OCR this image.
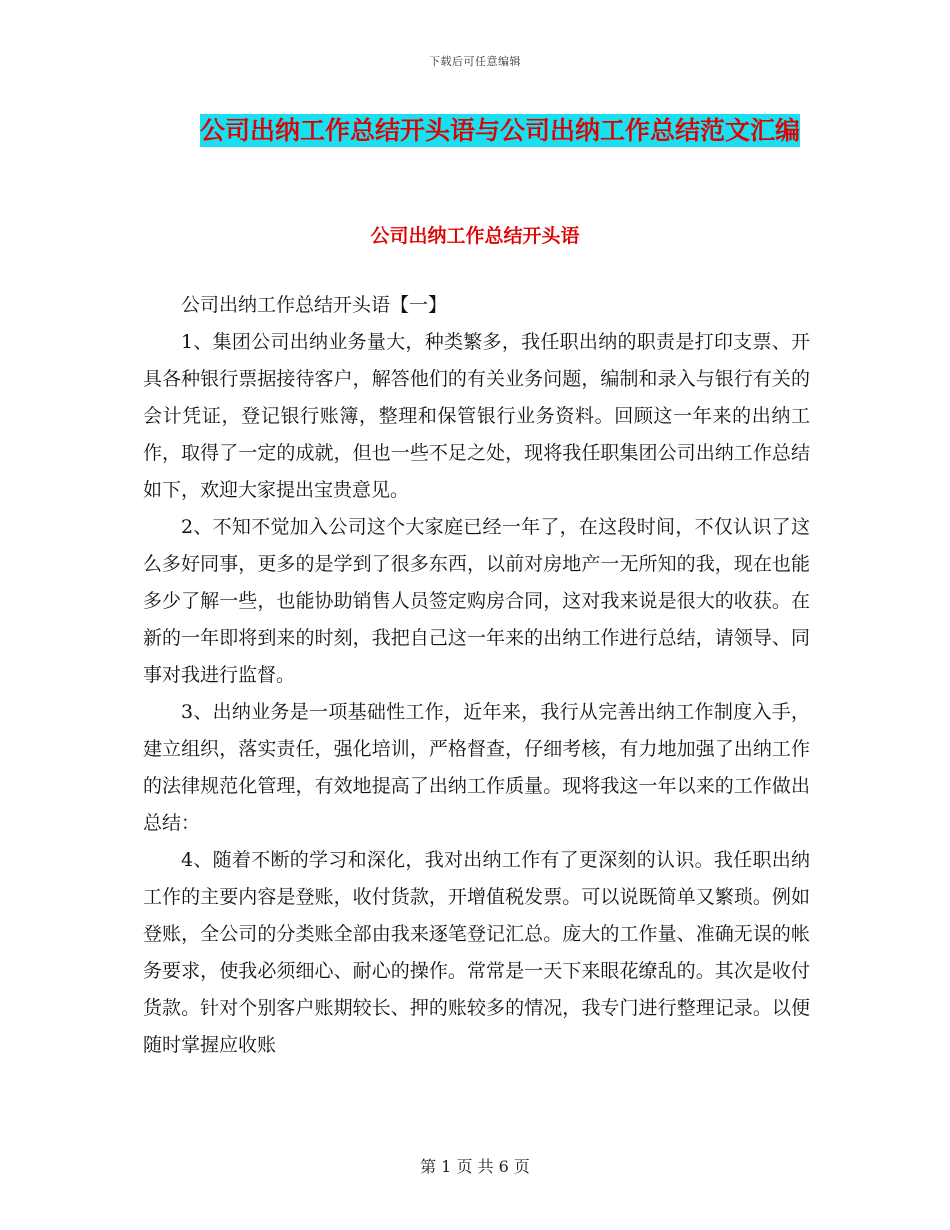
下载后可任意编辑
公司出纳工作总结开头语与公司出纳工作总结范文汇编
公司出纳工作总结开头语

公司出纳工作总结开头语【一】

1、集团公司出纳业务量大，种类繁多，我任职出纳的职责是打印支票、开具各种银行票据接待客户，解答他们的有关业务问题，编制和录入与银行有关的会计凭证，登记银行账簿，整理和保管银行业务资料。回顾这一年来的出纳工作，取得了一定的成就，但也一些不足之处，现将我任职集团公司出纳工作总结如下，欢迎大家提出宝贵意见。

2、不知不觉加入公司这个大家庭已经一年了，在这段时间，不仅认识了这么多好同事，更多的是学到了很多东西，以前对房地产一无所知的我，现在也能多少了解一些，也能协助销售人员签定购房合同，这对我来说是很大的收获。在新的一年即将到来的时刻，我把自己这一年来的出纳工作进行总结，请领导、同事对我进行监督。

3、出纳业务是一项基础性工作，近年来，我行从完善出纳工作制度入手，建立组织，落实责任，强化培训，严格督查，仔细考核，有力地加强了出纳工作的法律规范化管理，有效地提高了出纳工作质量。现将我这一年以来的工作做出总结：

4、随着不断的学习和深化，我对出纳工作有了更深刻的认识。我任职出纳工作的主要内容是登账，收付货款，开增值税发票。可以说既简单又繁琐。例如登账，全公司的分类账全部由我来逐笔登记汇总。庞大的工作量、准确无误的帐务要求，使我必须细心、耐心的操作。常常是一天下来眼花缭乱的。其次是收付货款。针对个别客户账期较长、押的账较多的情况，我专门进行整理记录。以便随时掌握应收账

第 1 页 共 6 页
